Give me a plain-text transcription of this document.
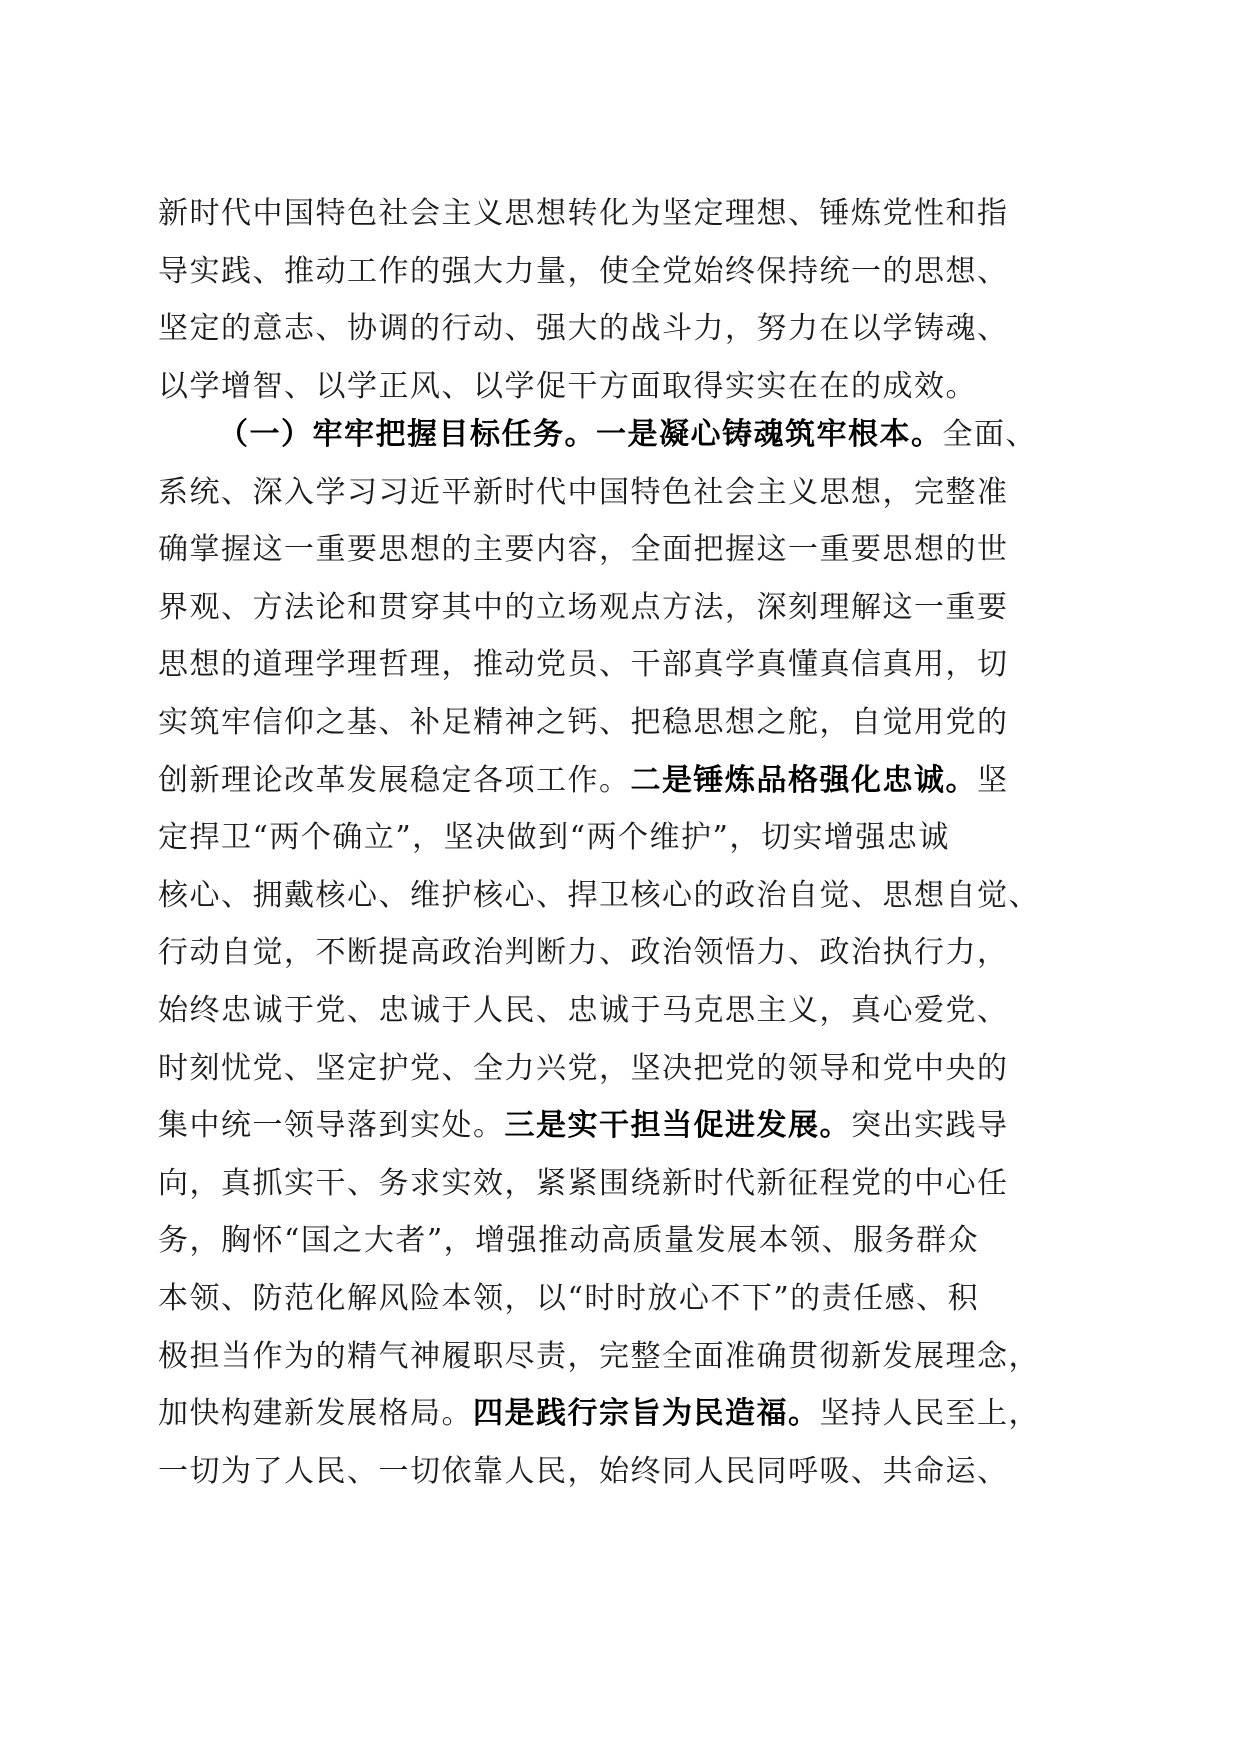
新时代中国特色社会主义思想转化为坚定理想、锤炼党性和指
导实践、推动工作的强大力量，使全党始终保持统一的思想、
坚定的意志、协调的行动、强大的战斗力，努力在以学铸魂、
以学增智、以学正风、以学促干方面取得实实在在的成效。
（一）牢牢把握目标任务。一是凝心铸魂筑牢根本。全面、
系统、深入学习习近平新时代中国特色社会主义思想，完整准
确掌握这一重要思想的主要内容，全面把握这一重要思想的世
界观、方法论和贯穿其中的立场观点方法，深刻理解这一重要
思想的道理学理哲理，推动党员、干部真学真懂真信真用，切
实筑牢信仰之基、补足精神之钙、把稳思想之舵，自觉用党的
创新理论改革发展稳定各项工作。二是锤炼品格强化忠诚。坚
定捍卫“两个确立”，坚决做到“两个维护”，切实增强忠诚
核心、拥戴核心、维护核心、捍卫核心的政治自觉、思想自觉、
行动自觉，不断提高政治判断力、政治领悟力、政治执行力，
始终忠诚于党、忠诚于人民、忠诚于马克思主义，真心爱党、
时刻忧党、坚定护党、全力兴党，坚决把党的领导和党中央的
集中统一领导落到实处。三是实干担当促进发展。突出实践导
向，真抓实干、务求实效，紧紧围绕新时代新征程党的中心任
务，胸怀“国之大者”，增强推动高质量发展本领、服务群众
本领、防范化解风险本领，以“时时放心不下”的责任感、积
极担当作为的精气神履职尽责，完整全面准确贯彻新发展理念，
加快构建新发展格局。四是践行宗旨为民造福。坚持人民至上，
一切为了人民、一切依靠人民，始终同人民同呼吸、共命运、
